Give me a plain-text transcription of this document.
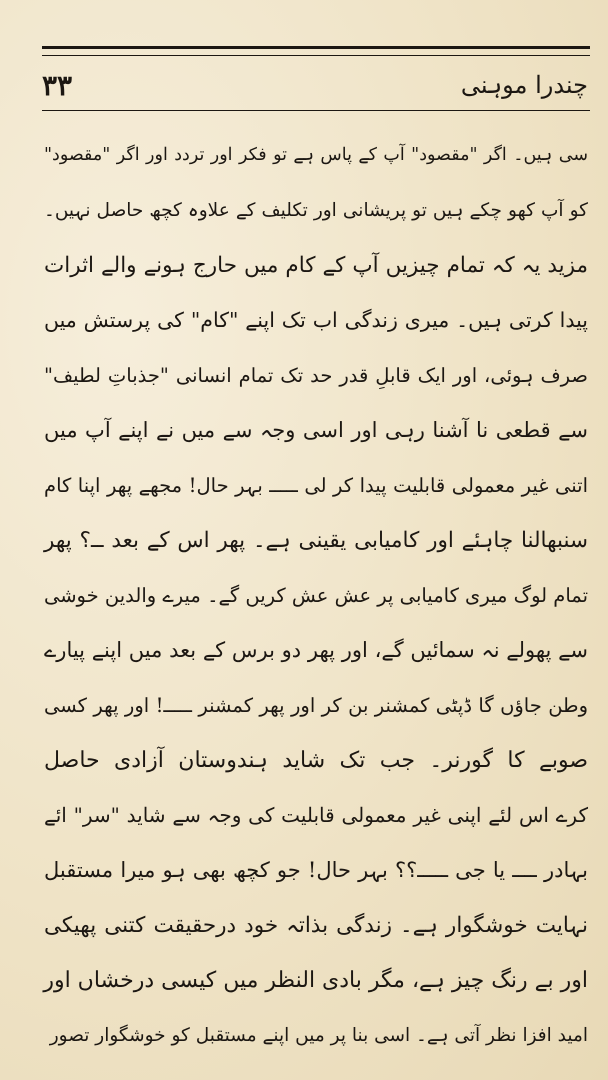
٣٣	چندرا موہنی
سی ہیں۔ اگر "مقصود" آپ کے پاس ہے تو فکر اور تردد اور اگر "مقصود"
کو آپ کھو چکے ہیں تو پریشانی اور تکلیف کے علاوہ کچھ حاصل نہیں۔
مزید یہ کہ تمام چیزیں آپ کے کام میں حارج ہونے والے اثرات
پیدا کرتی ہیں۔ میری زندگی اب تک اپنے "کام" کی پرستش میں
صرف ہوئی، اور ایک قابلِ قدر حد تک تمام انسانی "جذباتِ لطیف"
سے قطعی نا آشنا رہی اور اسی وجہ سے میں نے اپنے آپ میں
اتنی غیر معمولی قابلیت پیدا کر لی ـــــ بہر حال! مجھے پھر اپنا کام
سنبھالنا چاہئے اور کامیابی یقینی ہے۔ پھر اس کے بعد ــ؟ پھر
تمام لوگ میری کامیابی پر عش عش کریں گے۔ میرے والدین خوشی
سے پھولے نہ سمائیں گے، اور پھر دو برس کے بعد میں اپنے پیارے
وطن جاؤں گا ڈپٹی کمشنر بن کر اور پھر کمشنر ـــــ! اور پھر کسی
صوبے کا گورنر۔ جب تک شاید ہندوستان آزادی حاصل
کرے اس لئے اپنی غیر معمولی قابلیت کی وجہ سے شاید "سر" ائے
بہادر ــــ یا جی ـــــ؟؟ بہر حال! جو کچھ بھی ہو میرا مستقبل
نہایت خوشگوار ہے۔ زندگی بذاتہ خود درحقیقت کتنی پھیکی
اور بے رنگ چیز ہے، مگر بادی النظر میں کیسی درخشاں اور
امید افزا نظر آتی ہے۔ اسی بنا پر میں اپنے مستقبل کو خوشگوار تصور
